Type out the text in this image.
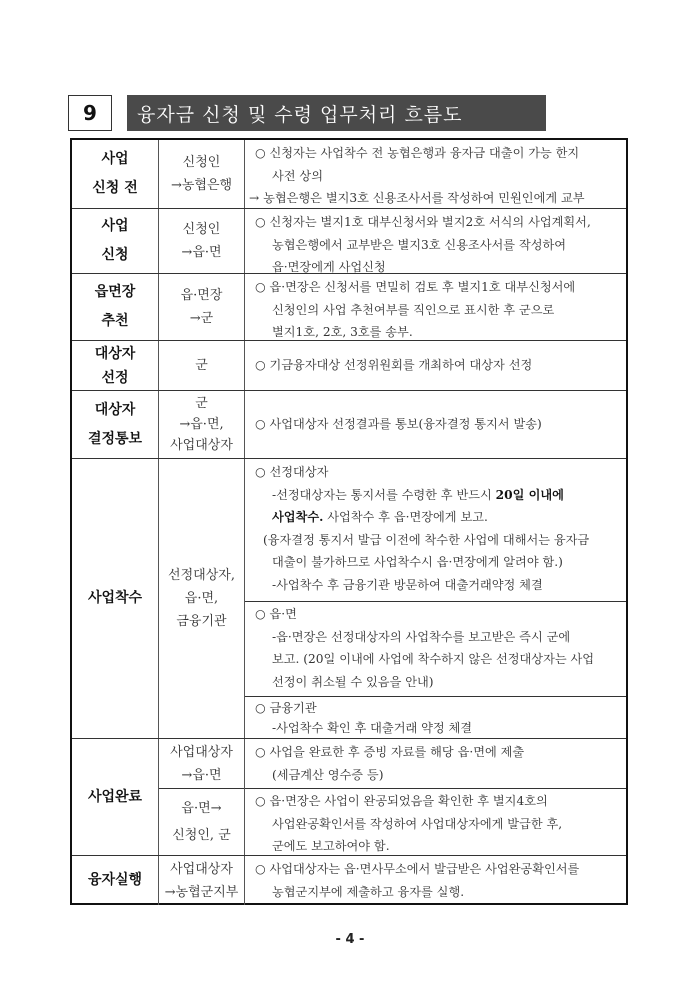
9	융자금 신청 및 수령 업무처리 흐름도
사업
신청 전
신청인
→농협은행
○ 신청자는 사업착수 전 농협은행과 융자금 대출이 가능 한지
사전 상의
→ 농협은행은 별지3호 신용조사서를 작성하여 민원인에게 교부
사업
신청
신청인
→읍·면
○ 신청자는 별지1호 대부신청서와 별지2호 서식의 사업계획서,
농협은행에서 교부받은 별지3호 신용조사서를 작성하여
읍·면장에게 사업신청
읍면장
추천
읍·면장
→군
○ 읍·면장은 신청서를 면밀히 검토 후 별지1호 대부신청서에
신청인의 사업 추천여부를 직인으로 표시한 후 군으로
별지1호, 2호, 3호를 송부.
대상자
선정
군	○ 기금융자대상 선정위원회를 개최하여 대상자 선정
대상자
결정통보
군
→읍·면,
사업대상자
○ 사업대상자 선정결과를 통보(융자결정 통지서 발송)
사업착수
선정대상자,
읍·면,
금융기관
○ 선정대상자
-선정대상자는 통지서를 수령한 후 반드시 20일 이내에
사업착수. 사업착수 후 읍·면장에게 보고.
(융자결정 통지서 발급 이전에 착수한 사업에 대해서는 융자금
대출이 불가하므로 사업착수시 읍·면장에게 알려야 함.)
-사업착수 후 금융기관 방문하여 대출거래약정 체결
○ 읍·면
-읍·면장은 선정대상자의 사업착수를 보고받은 즉시 군에
보고. (20일 이내에 사업에 착수하지 않은 선정대상자는 사업
선정이 취소될 수 있음을 안내)
○ 금융기관
-사업착수 확인 후 대출거래 약정 체결
사업완료
사업대상자
→읍·면
○ 사업을 완료한 후 증빙 자료를 해당 읍·면에 제출
(세금계산 영수증 등)
읍·면→
신청인, 군
○ 읍·면장은 사업이 완공되었음을 확인한 후 별지4호의
사업완공확인서를 작성하여 사업대상자에게 발급한 후,
군에도 보고하여야 함.
융자실행
사업대상자
→농협군지부
○ 사업대상자는 읍·면사무소에서 발급받은 사업완공확인서를
농협군지부에 제출하고 융자를 실행.
- 4 -
